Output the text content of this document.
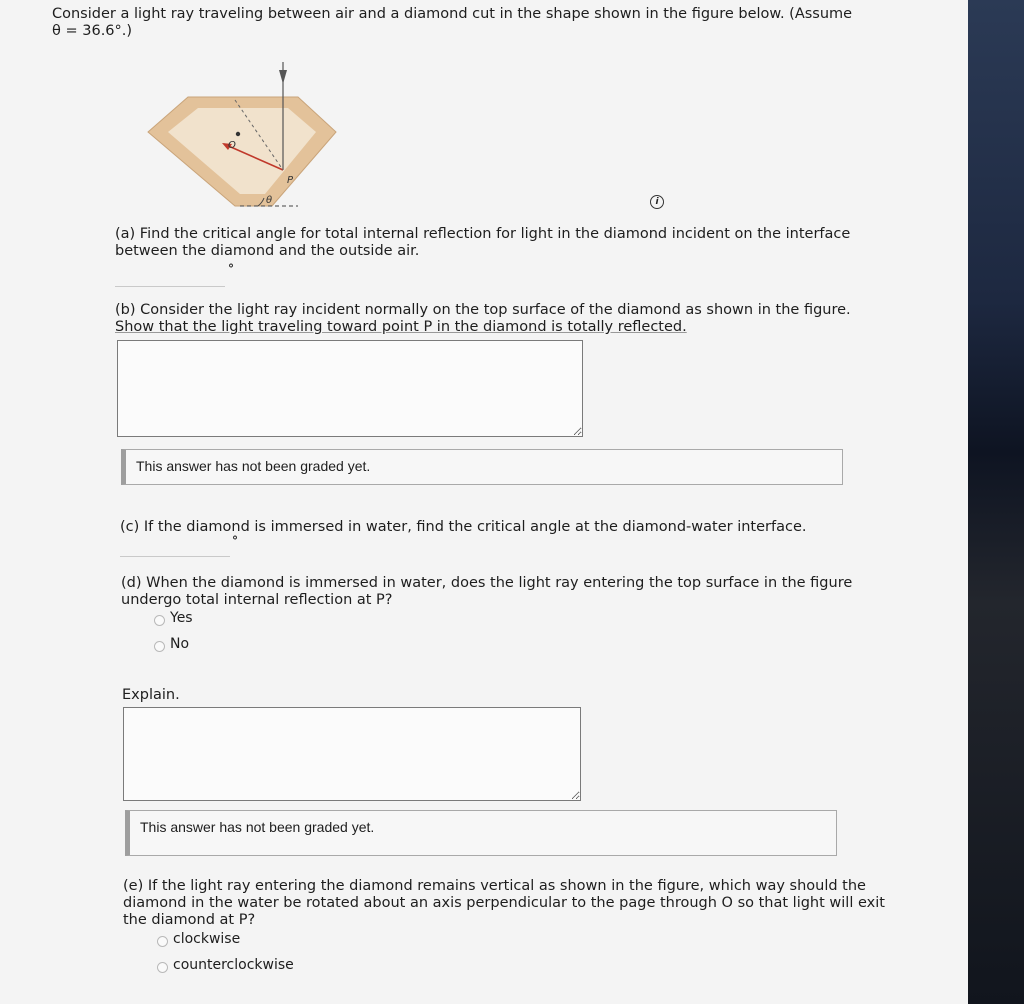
Consider a light ray traveling between air and a diamond cut in the shape shown in the figure below. (Assume
θ = 36.6°.)
O
P
θ	i
(a) Find the critical angle for total internal reflection for light in the diamond incident on the interface
between the diamond and the outside air.
°
(b) Consider the light ray incident normally on the top surface of the diamond as shown in the figure.
Show that the light traveling toward point P in the diamond is totally reflected.
This answer has not been graded yet.
(c) If the diamond is immersed in water, find the critical angle at the diamond-water interface.
°
(d) When the diamond is immersed in water, does the light ray entering the top surface in the figure
undergo total internal reflection at P?
Yes
No
Explain.
This answer has not been graded yet.
(e) If the light ray entering the diamond remains vertical as shown in the figure, which way should the
diamond in the water be rotated about an axis perpendicular to the page through O so that light will exit
the diamond at P?
clockwise
counterclockwise
